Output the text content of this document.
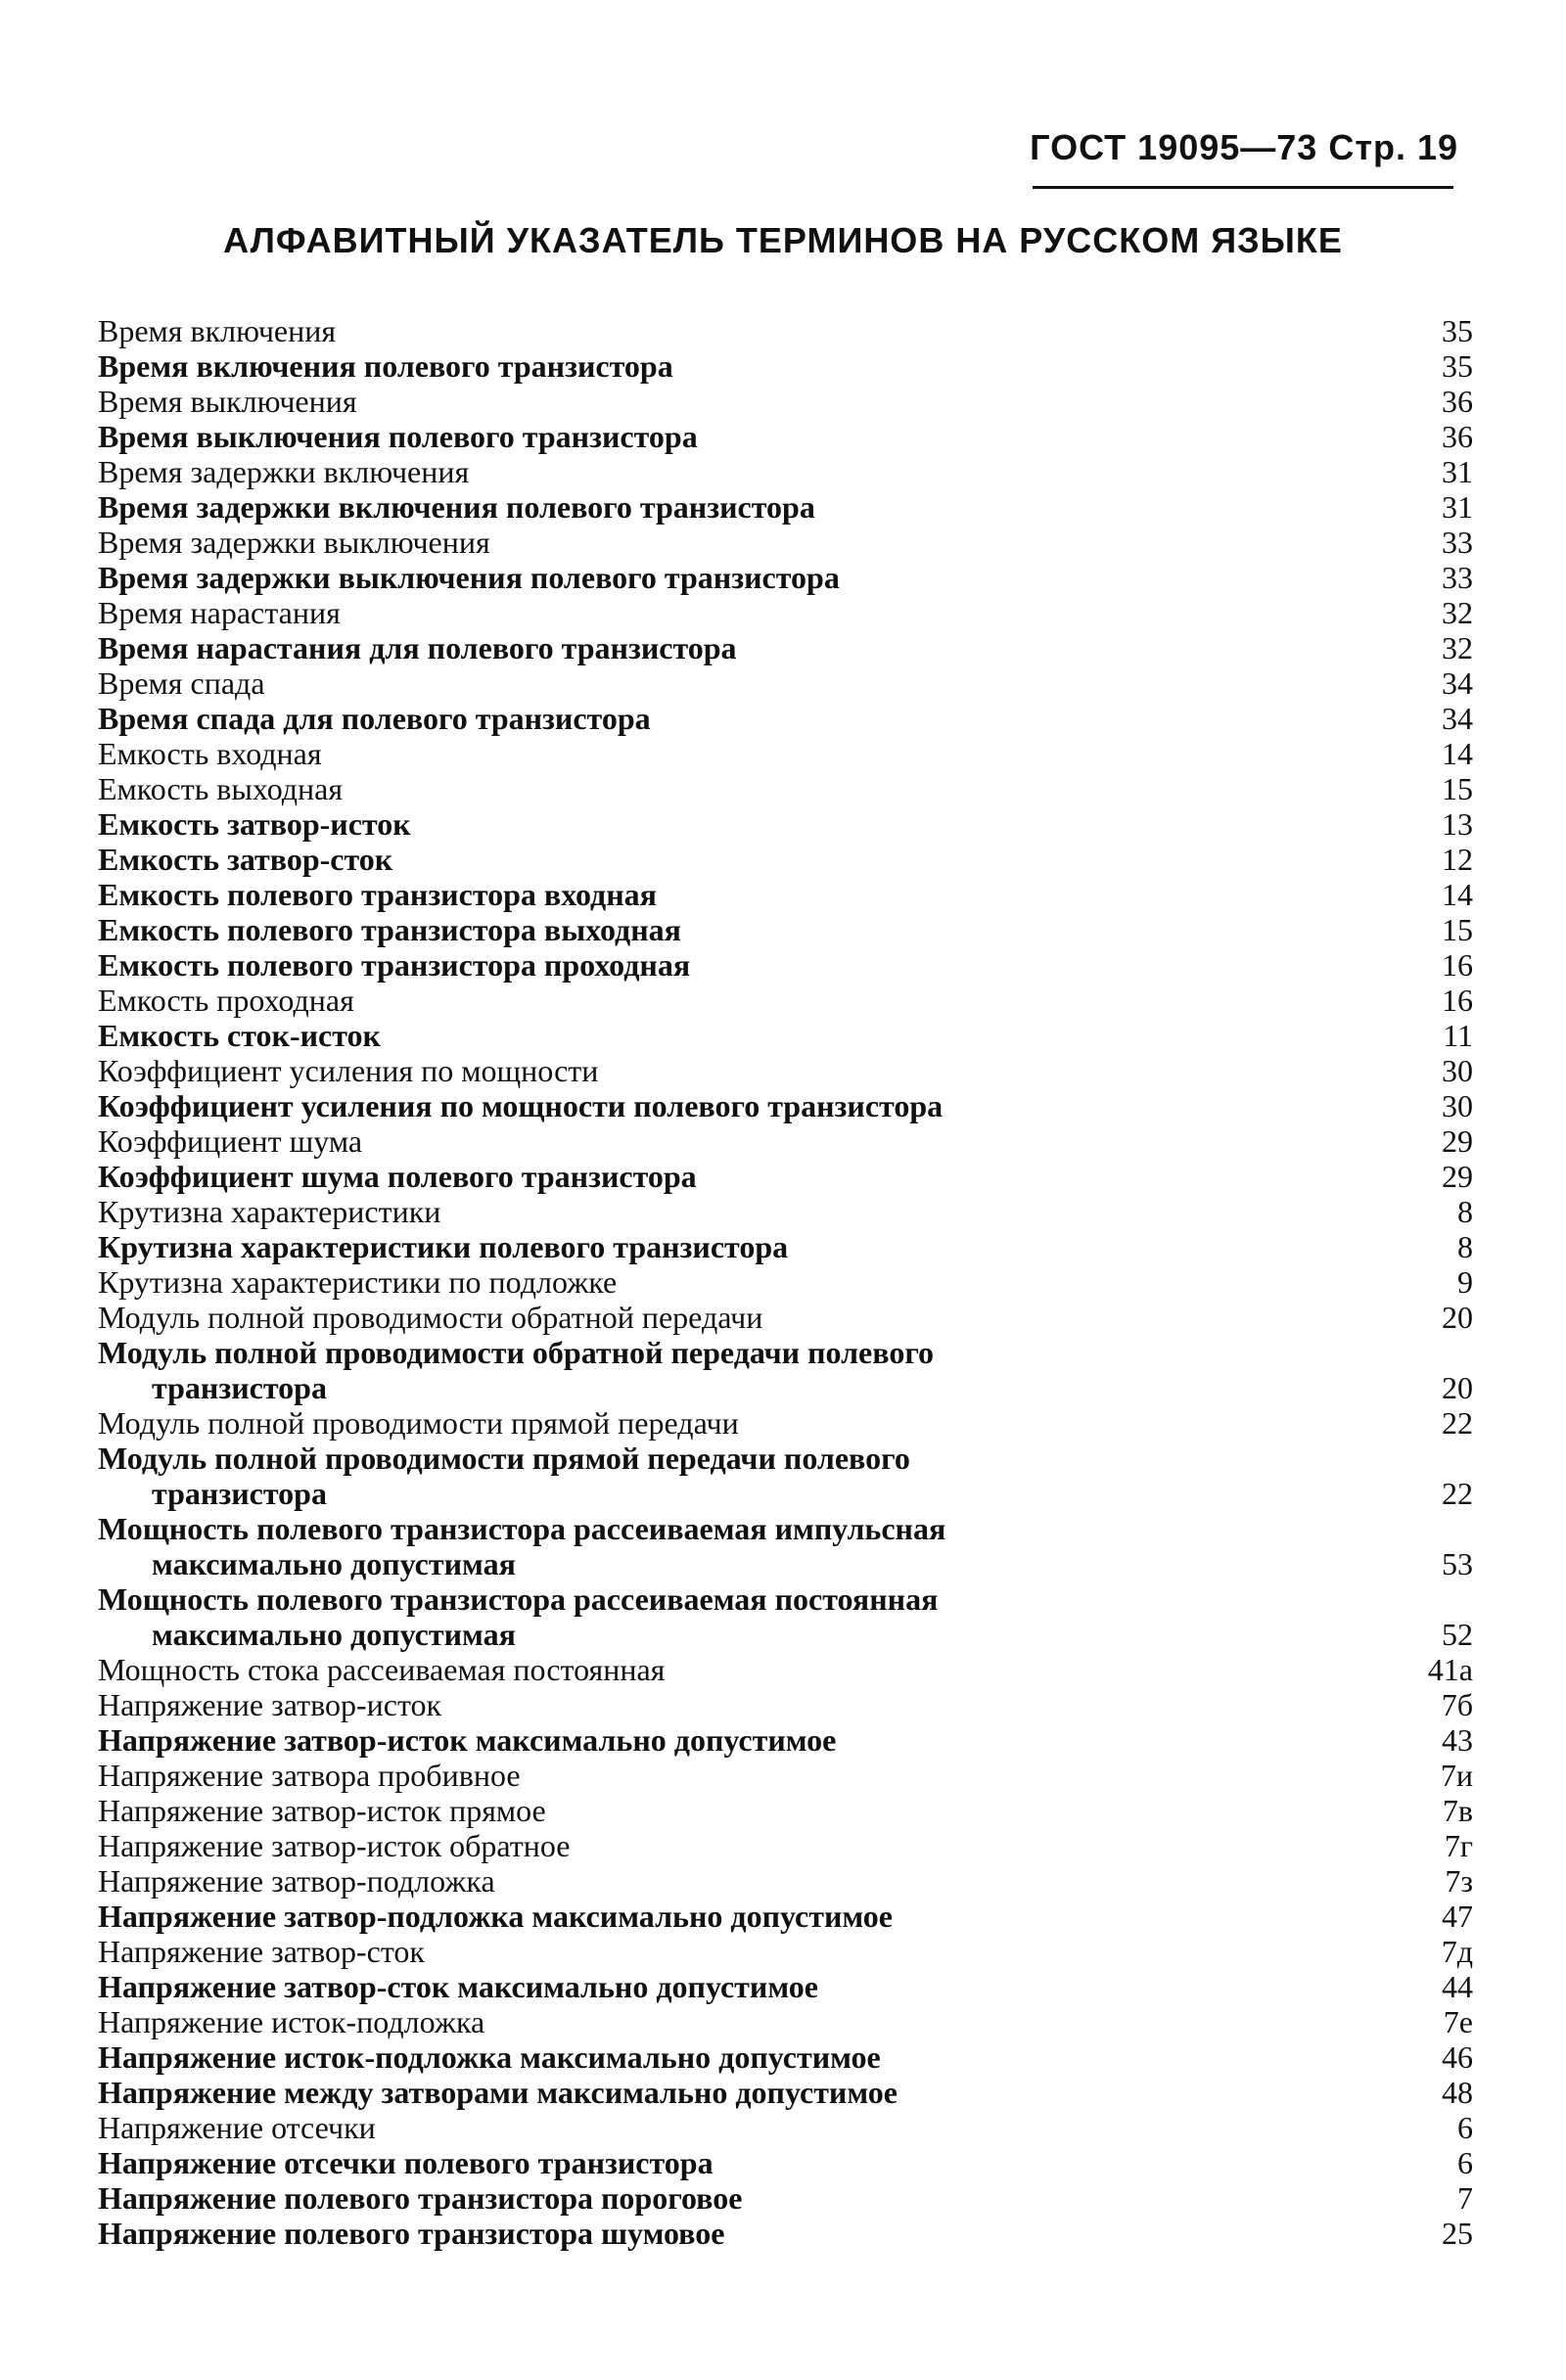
ГОСТ 19095—73 Стр. 19
АЛФАВИТНЫЙ УКАЗАТЕЛЬ ТЕРМИНОВ НА РУССКОМ ЯЗЫКЕ
Время включения	35
Время включения полевого транзистора	35
Время выключения	36
Время выключения полевого транзистора	36
Время задержки включения	31
Время задержки включения полевого транзистора	31
Время задержки выключения	33
Время задержки выключения полевого транзистора	33
Время нарастания	32
Время нарастания для полевого транзистора	32
Время спада	34
Время спада для полевого транзистора	34
Емкость входная	14
Емкость выходная	15
Емкость затвор-исток	13
Емкость затвор-сток	12
Емкость полевого транзистора входная	14
Емкость полевого транзистора выходная	15
Емкость полевого транзистора проходная	16
Емкость проходная	16
Емкость сток-исток	11
Коэффициент усиления по мощности	30
Коэффициент усиления по мощности полевого транзистора	30
Коэффициент шума	29
Коэффициент шума полевого транзистора	29
Крутизна характеристики	8
Крутизна характеристики полевого транзистора	8
Крутизна характеристики по подложке	9
Модуль полной проводимости обратной передачи	20
Модуль полной проводимости обратной передачи полевого
транзистора	20
Модуль полной проводимости прямой передачи	22
Модуль полной проводимости прямой передачи полевого
транзистора	22
Мощность полевого транзистора рассеиваемая импульсная
максимально допустимая	53
Мощность полевого транзистора рассеиваемая постоянная
максимально допустимая	52
Мощность стока рассеиваемая постоянная	41а
Напряжение затвор-исток	7б
Напряжение затвор-исток максимально допустимое	43
Напряжение затвора пробивное	7и
Напряжение затвор-исток прямое	7в
Напряжение затвор-исток обратное	7г
Напряжение затвор-подложка	7з
Напряжение затвор-подложка максимально допустимое	47
Напряжение затвор-сток	7д
Напряжение затвор-сток максимально допустимое	44
Напряжение исток-подложка	7е
Напряжение исток-подложка максимально допустимое	46
Напряжение между затворами максимально допустимое	48
Напряжение отсечки	6
Напряжение отсечки полевого транзистора	6
Напряжение полевого транзистора пороговое	7
Напряжение полевого транзистора шумовое	25
